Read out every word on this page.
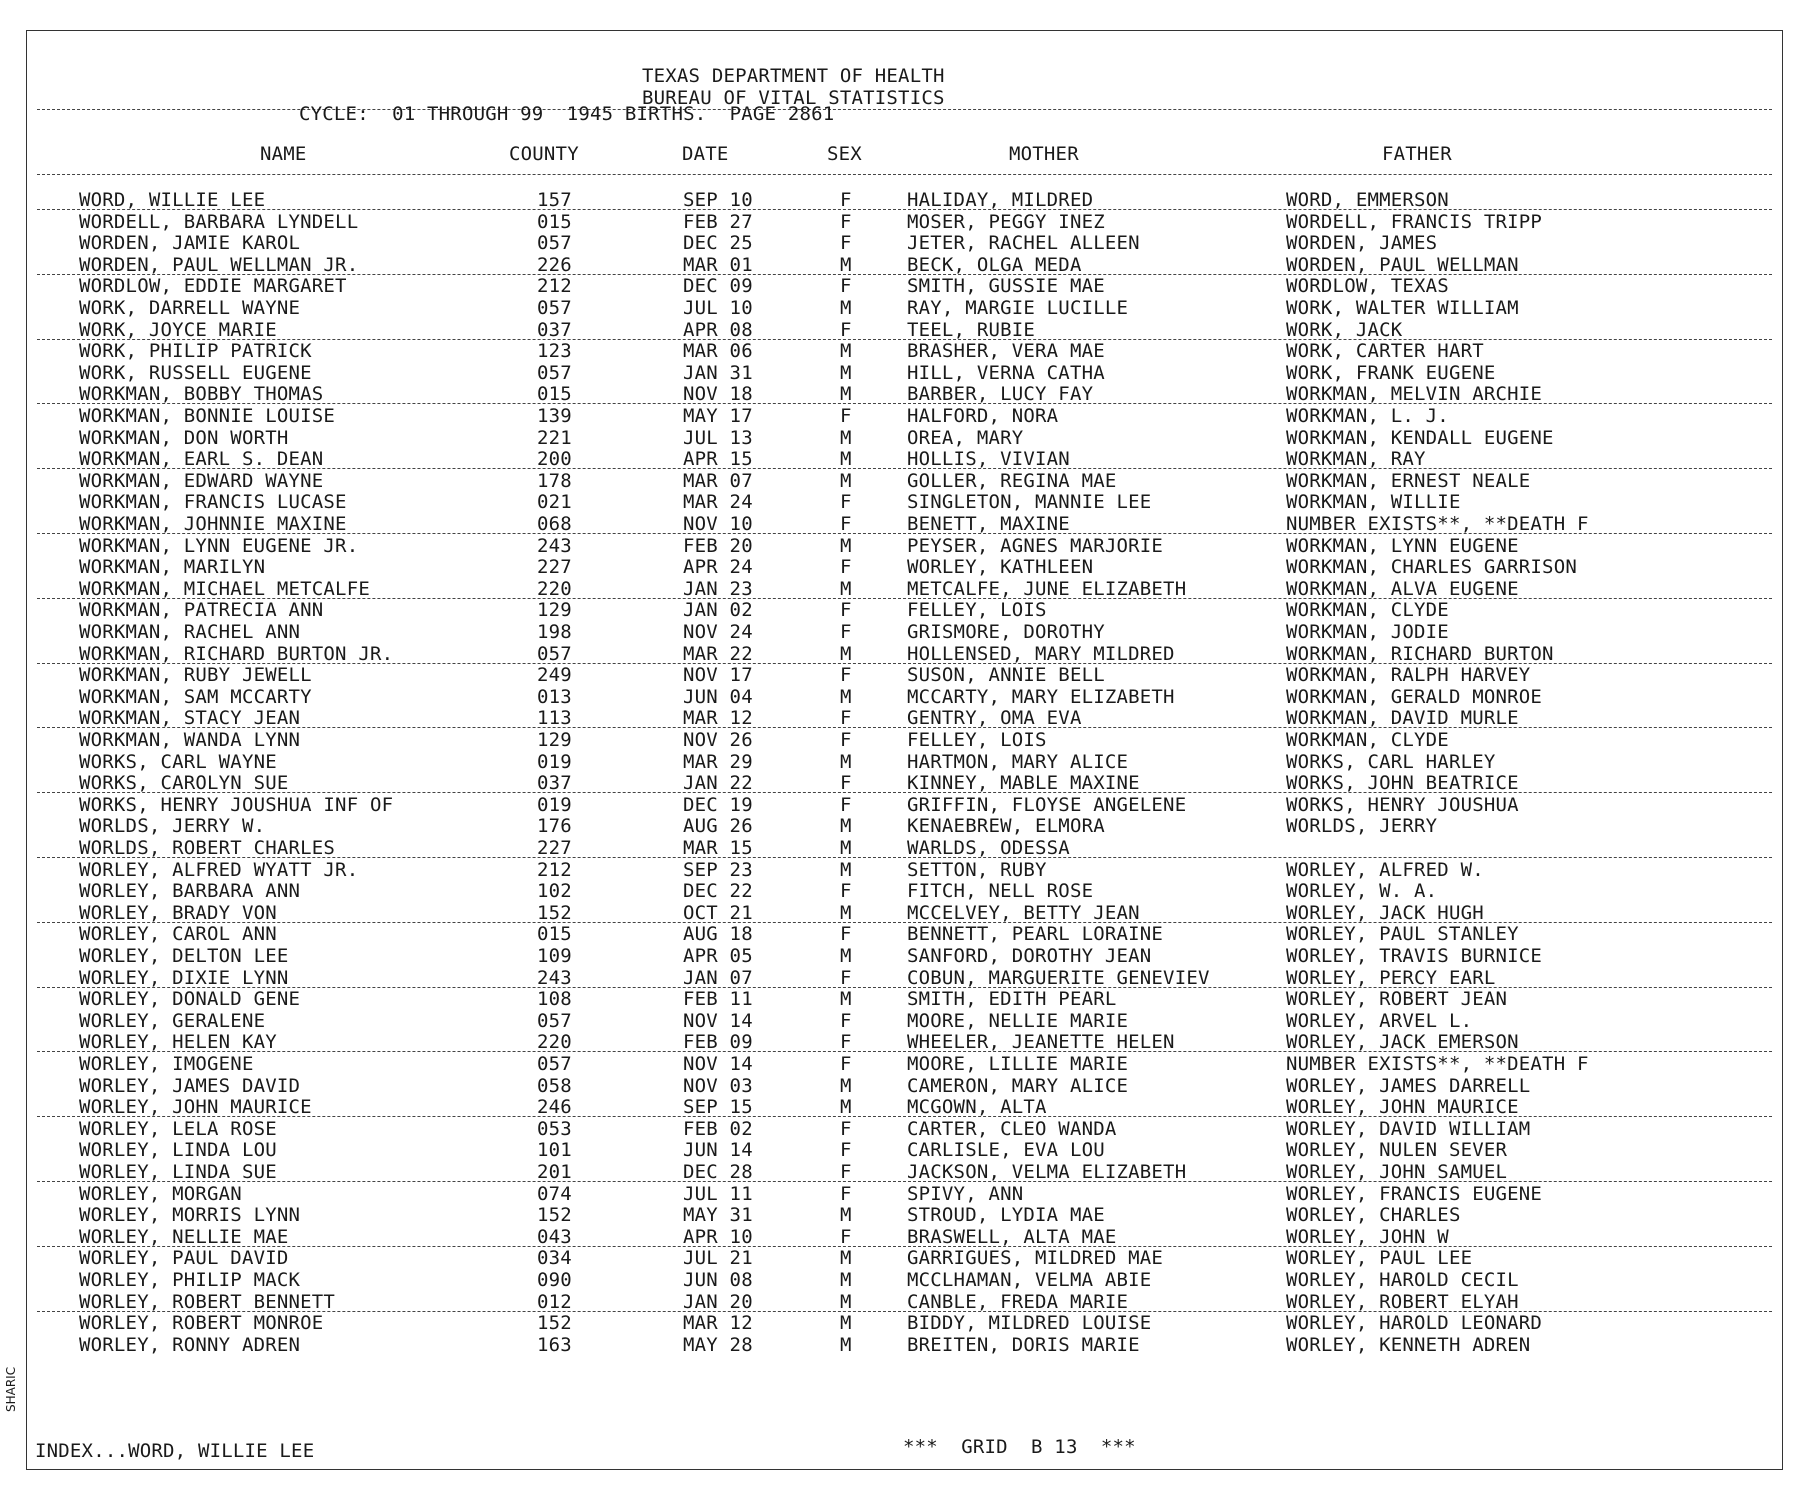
TEXAS DEPARTMENT OF HEALTH
BUREAU OF VITAL STATISTICS
CYCLE:  01 THROUGH 99  1945 BIRTHS.  PAGE 2861
NAME	COUNTY	DATE	SEX	MOTHER	FATHER
WORD, WILLIE LEE	157	SEP 10	F	HALIDAY, MILDRED	WORD, EMMERSON
WORDELL, BARBARA LYNDELL	015	FEB 27	F	MOSER, PEGGY INEZ	WORDELL, FRANCIS TRIPP
WORDEN, JAMIE KAROL	057	DEC 25	F	JETER, RACHEL ALLEEN	WORDEN, JAMES
WORDEN, PAUL WELLMAN JR.	226	MAR 01	M	BECK, OLGA MEDA	WORDEN, PAUL WELLMAN
WORDLOW, EDDIE MARGARET	212	DEC 09	F	SMITH, GUSSIE MAE	WORDLOW, TEXAS
WORK, DARRELL WAYNE	057	JUL 10	M	RAY, MARGIE LUCILLE	WORK, WALTER WILLIAM
WORK, JOYCE MARIE	037	APR 08	F	TEEL, RUBIE	WORK, JACK
WORK, PHILIP PATRICK	123	MAR 06	M	BRASHER, VERA MAE	WORK, CARTER HART
WORK, RUSSELL EUGENE	057	JAN 31	M	HILL, VERNA CATHA	WORK, FRANK EUGENE
WORKMAN, BOBBY THOMAS	015	NOV 18	M	BARBER, LUCY FAY	WORKMAN, MELVIN ARCHIE
WORKMAN, BONNIE LOUISE	139	MAY 17	F	HALFORD, NORA	WORKMAN, L. J.
WORKMAN, DON WORTH	221	JUL 13	M	OREA, MARY	WORKMAN, KENDALL EUGENE
WORKMAN, EARL S. DEAN	200	APR 15	M	HOLLIS, VIVIAN	WORKMAN, RAY
WORKMAN, EDWARD WAYNE	178	MAR 07	M	GOLLER, REGINA MAE	WORKMAN, ERNEST NEALE
WORKMAN, FRANCIS LUCASE	021	MAR 24	F	SINGLETON, MANNIE LEE	WORKMAN, WILLIE
WORKMAN, JOHNNIE MAXINE	068	NOV 10	F	BENETT, MAXINE	NUMBER EXISTS**, **DEATH F
WORKMAN, LYNN EUGENE JR.	243	FEB 20	M	PEYSER, AGNES MARJORIE	WORKMAN, LYNN EUGENE
WORKMAN, MARILYN	227	APR 24	F	WORLEY, KATHLEEN	WORKMAN, CHARLES GARRISON
WORKMAN, MICHAEL METCALFE	220	JAN 23	M	METCALFE, JUNE ELIZABETH	WORKMAN, ALVA EUGENE
WORKMAN, PATRECIA ANN	129	JAN 02	F	FELLEY, LOIS	WORKMAN, CLYDE
WORKMAN, RACHEL ANN	198	NOV 24	F	GRISMORE, DOROTHY	WORKMAN, JODIE
WORKMAN, RICHARD BURTON JR.	057	MAR 22	M	HOLLENSED, MARY MILDRED	WORKMAN, RICHARD BURTON
WORKMAN, RUBY JEWELL	249	NOV 17	F	SUSON, ANNIE BELL	WORKMAN, RALPH HARVEY
WORKMAN, SAM MCCARTY	013	JUN 04	M	MCCARTY, MARY ELIZABETH	WORKMAN, GERALD MONROE
WORKMAN, STACY JEAN	113	MAR 12	F	GENTRY, OMA EVA	WORKMAN, DAVID MURLE
WORKMAN, WANDA LYNN	129	NOV 26	F	FELLEY, LOIS	WORKMAN, CLYDE
WORKS, CARL WAYNE	019	MAR 29	M	HARTMON, MARY ALICE	WORKS, CARL HARLEY
WORKS, CAROLYN SUE	037	JAN 22	F	KINNEY, MABLE MAXINE	WORKS, JOHN BEATRICE
WORKS, HENRY JOUSHUA INF OF	019	DEC 19	F	GRIFFIN, FLOYSE ANGELENE	WORKS, HENRY JOUSHUA
WORLDS, JERRY W.	176	AUG 26	M	KENAEBREW, ELMORA	WORLDS, JERRY
WORLDS, ROBERT CHARLES	227	MAR 15	M	WARLDS, ODESSA
WORLEY, ALFRED WYATT JR.	212	SEP 23	M	SETTON, RUBY	WORLEY, ALFRED W.
WORLEY, BARBARA ANN	102	DEC 22	F	FITCH, NELL ROSE	WORLEY, W. A.
WORLEY, BRADY VON	152	OCT 21	M	MCCELVEY, BETTY JEAN	WORLEY, JACK HUGH
WORLEY, CAROL ANN	015	AUG 18	F	BENNETT, PEARL LORAINE	WORLEY, PAUL STANLEY
WORLEY, DELTON LEE	109	APR 05	M	SANFORD, DOROTHY JEAN	WORLEY, TRAVIS BURNICE
WORLEY, DIXIE LYNN	243	JAN 07	F	COBUN, MARGUERITE GENEVIEV	WORLEY, PERCY EARL
WORLEY, DONALD GENE	108	FEB 11	M	SMITH, EDITH PEARL	WORLEY, ROBERT JEAN
WORLEY, GERALENE	057	NOV 14	F	MOORE, NELLIE MARIE	WORLEY, ARVEL L.
WORLEY, HELEN KAY	220	FEB 09	F	WHEELER, JEANETTE HELEN	WORLEY, JACK EMERSON
WORLEY, IMOGENE	057	NOV 14	F	MOORE, LILLIE MARIE	NUMBER EXISTS**, **DEATH F
WORLEY, JAMES DAVID	058	NOV 03	M	CAMERON, MARY ALICE	WORLEY, JAMES DARRELL
WORLEY, JOHN MAURICE	246	SEP 15	M	MCGOWN, ALTA	WORLEY, JOHN MAURICE
WORLEY, LELA ROSE	053	FEB 02	F	CARTER, CLEO WANDA	WORLEY, DAVID WILLIAM
WORLEY, LINDA LOU	101	JUN 14	F	CARLISLE, EVA LOU	WORLEY, NULEN SEVER
WORLEY, LINDA SUE	201	DEC 28	F	JACKSON, VELMA ELIZABETH	WORLEY, JOHN SAMUEL
WORLEY, MORGAN	074	JUL 11	F	SPIVY, ANN	WORLEY, FRANCIS EUGENE
WORLEY, MORRIS LYNN	152	MAY 31	M	STROUD, LYDIA MAE	WORLEY, CHARLES
WORLEY, NELLIE MAE	043	APR 10	F	BRASWELL, ALTA MAE	WORLEY, JOHN W
WORLEY, PAUL DAVID	034	JUL 21	M	GARRIGUES, MILDRED MAE	WORLEY, PAUL LEE
WORLEY, PHILIP MACK	090	JUN 08	M	MCCLHAMAN, VELMA ABIE	WORLEY, HAROLD CECIL
WORLEY, ROBERT BENNETT	012	JAN 20	M	CANBLE, FREDA MARIE	WORLEY, ROBERT ELYAH
WORLEY, ROBERT MONROE	152	MAR 12	M	BIDDY, MILDRED LOUISE	WORLEY, HAROLD LEONARD
WORLEY, RONNY ADREN	163	MAY 28	M	BREITEN, DORIS MARIE	WORLEY, KENNETH ADREN
INDEX...WORD, WILLIE LEE	***  GRID  B 13  ***
SHARIC
